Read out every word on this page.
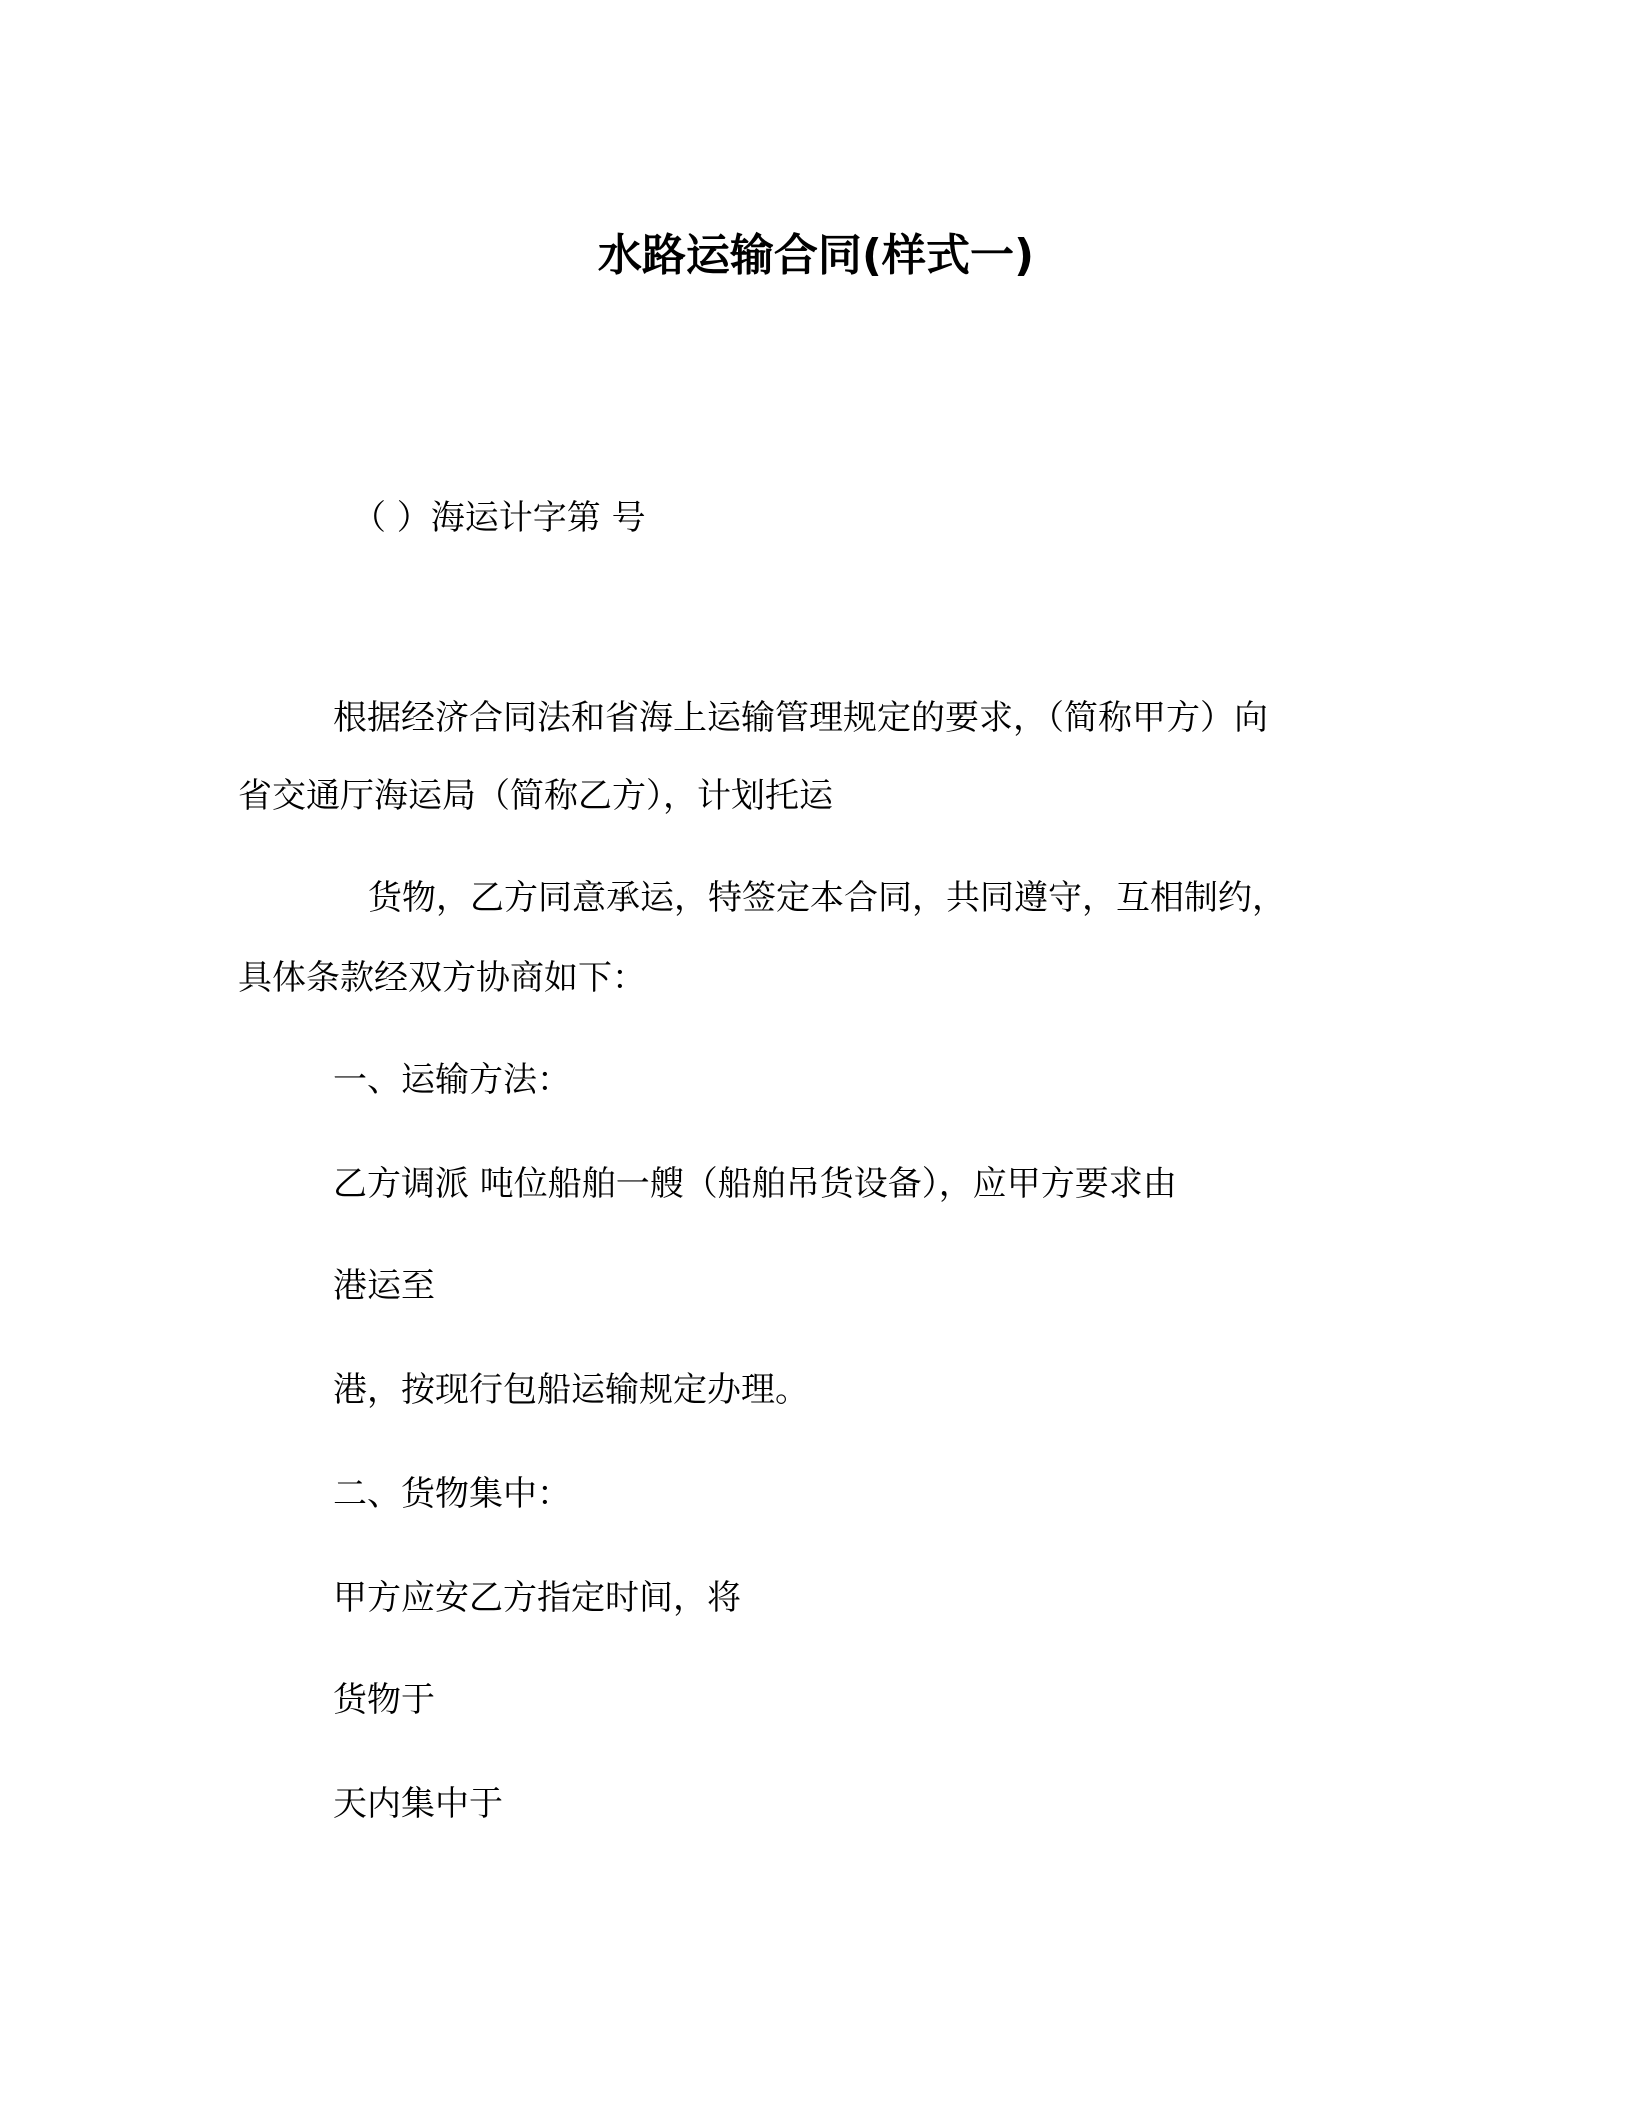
水路运输合同(样式一)
（ ）海运计字第 号
根据经济合同法和省海上运输管理规定的要求，（简称甲方）向
省交通厅海运局（简称乙方），计划托运
货物，乙方同意承运，特签定本合同，共同遵守，互相制约，
具体条款经双方协商如下：
一、运输方法：
乙方调派 吨位船舶一艘（船舶吊货设备），应甲方要求由
港运至
港，按现行包船运输规定办理。
二、货物集中：
甲方应安乙方指定时间，将
货物于
天内集中于
